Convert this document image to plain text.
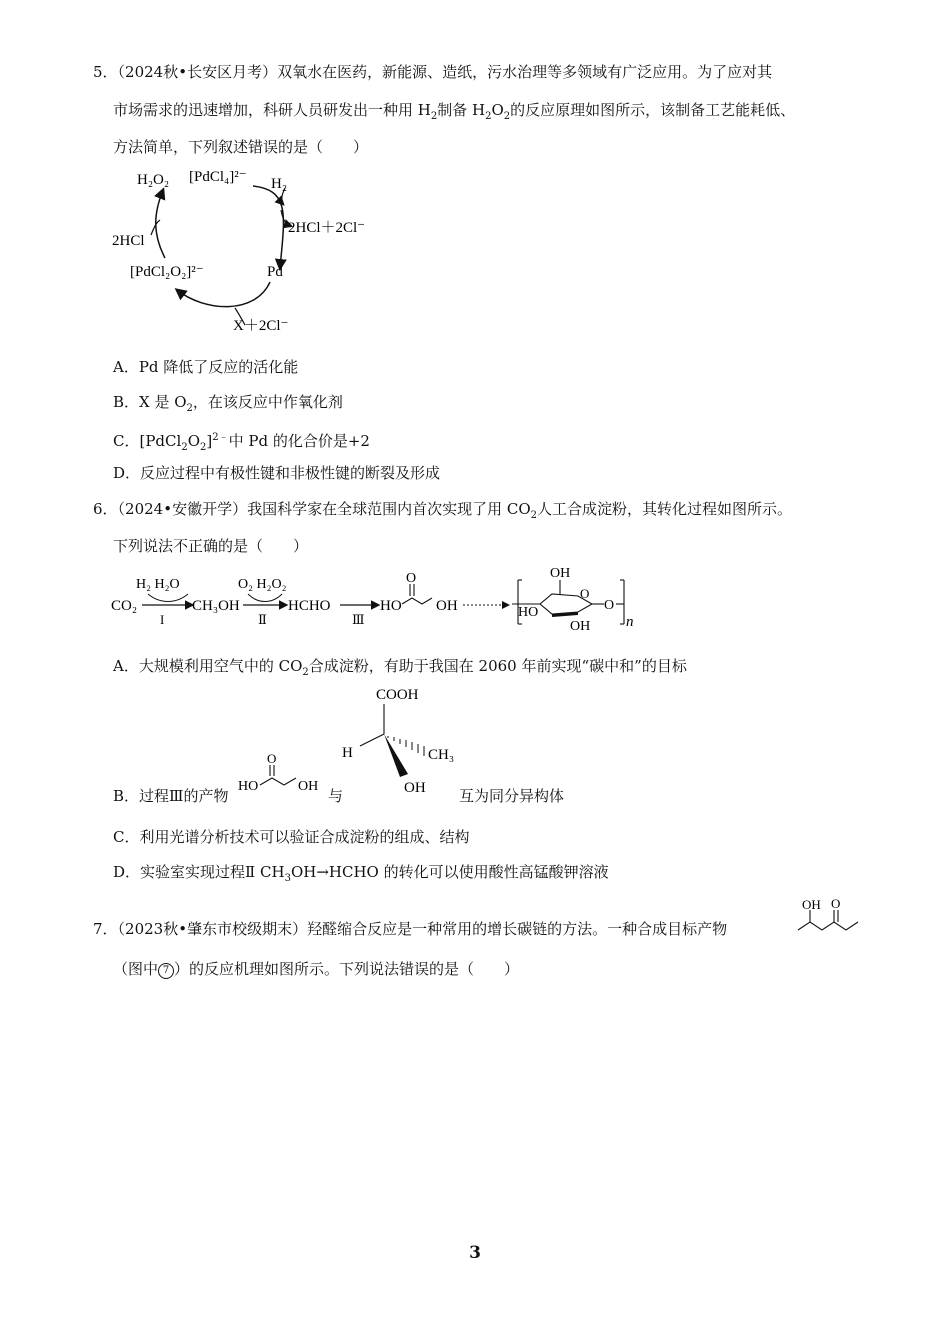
5．（2024秋•长安区月考）双氧水在医药，新能源、造纸，污水治理等多领域有广泛应用。为了应对其
市场需求的迅速增加，科研人员研发出一种用 $H_2$制备 $H_2O_2$的反应原理如图所示，该制备工艺能耗低、
方法简单，下列叙述错误的是（　　）
H₂O₂ [PdCl₄]²⁻ H₂
2HCl＋2Cl⁻
2HCl
[PdCl₂O₂]²⁻	Pd
X＋2Cl⁻
A．Pd 降低了反应的活化能
B．X 是 $O_2$，在该反应中作氧化剂
C．$[PdCl_2O_2]^{2﹣}$中 Pd 的化合价是+2
D．反应过程中有极性键和非极性键的断裂及形成
6．（2024•安徽开学）我国科学家在全球范围内首次实现了用 $CO_2$人工合成淀粉，其转化过程如图所示。
下列说法不正确的是（　　）
CO₂
H₂ H₂O
I
CH₃OH
O₂ H₂O₂
Ⅱ
HCHO
Ⅲ
HO
O
OH
OH
HO
OH
O
O
n
A．大规模利用空气中的 $CO_2$合成淀粉，有助于我国在 2060 年前实现“碳中和”的目标
B．过程Ⅲ的产物
HO
O
OH
与
COOH
H	CH₃
OH 互为同分异构体
C．利用光谱分析技术可以验证合成淀粉的组成、结构
D．实验室实现过程Ⅱ $CH_3OH\to HCHO$ 的转化可以使用酸性高锰酸钾溶液
7．（2023秋•肇东市校级期末）羟醛缩合反应是一种常用的增长碳链的方法。一种合成目标产物
OH O
（图中 7 ）的反应机理如图所示。下列说法错误的是（　　）
3
